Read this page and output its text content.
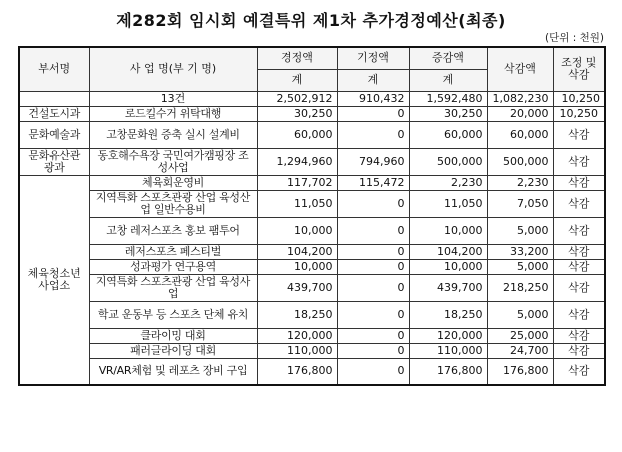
제282회 임시회 예결특위 제1차 추가경정예산(최종)
(단위 : 천원)
부서명	사 업 명(부 기 명)	경정액	기정액	증감액	삭감액	조정 및 삭감
		계	계	계		
	13건	2,502,912	910,432	1,592,480	1,082,230	10,250
건설도시과	로드킬수거 위탁대행	30,250	0	30,250	20,000	10,250
문화예술과	고창문화원 증축 실시 설계비	60,000	0	60,000	60,000	삭감
문화유산관광과	동호해수욕장 국민여가캠핑장 조성사업	1,294,960	794,960	500,000	500,000	삭감
체육청소년사업소	체육회운영비	117,702	115,472	2,230	2,230	삭감
	지역특화 스포츠관광 산업 육성산업 일반수용비	11,050	0	11,050	7,050	삭감
	고창 레저스포츠 홍보 팸투어	10,000	0	10,000	5,000	삭감
	레저스포츠 페스티벌	104,200	0	104,200	33,200	삭감
	성과평가 연구용역	10,000	0	10,000	5,000	삭감
	지역특화 스포츠관광 산업 육성사업	439,700	0	439,700	218,250	삭감
	학교 운동부 등 스포츠 단체 유치	18,250	0	18,250	5,000	삭감
	클라이밍 대회	120,000	0	120,000	25,000	삭감
	패러글라이딩 대회	110,000	0	110,000	24,700	삭감
	VR/AR체험 및 레포츠 장비 구입	176,800	0	176,800	176,800	삭감
